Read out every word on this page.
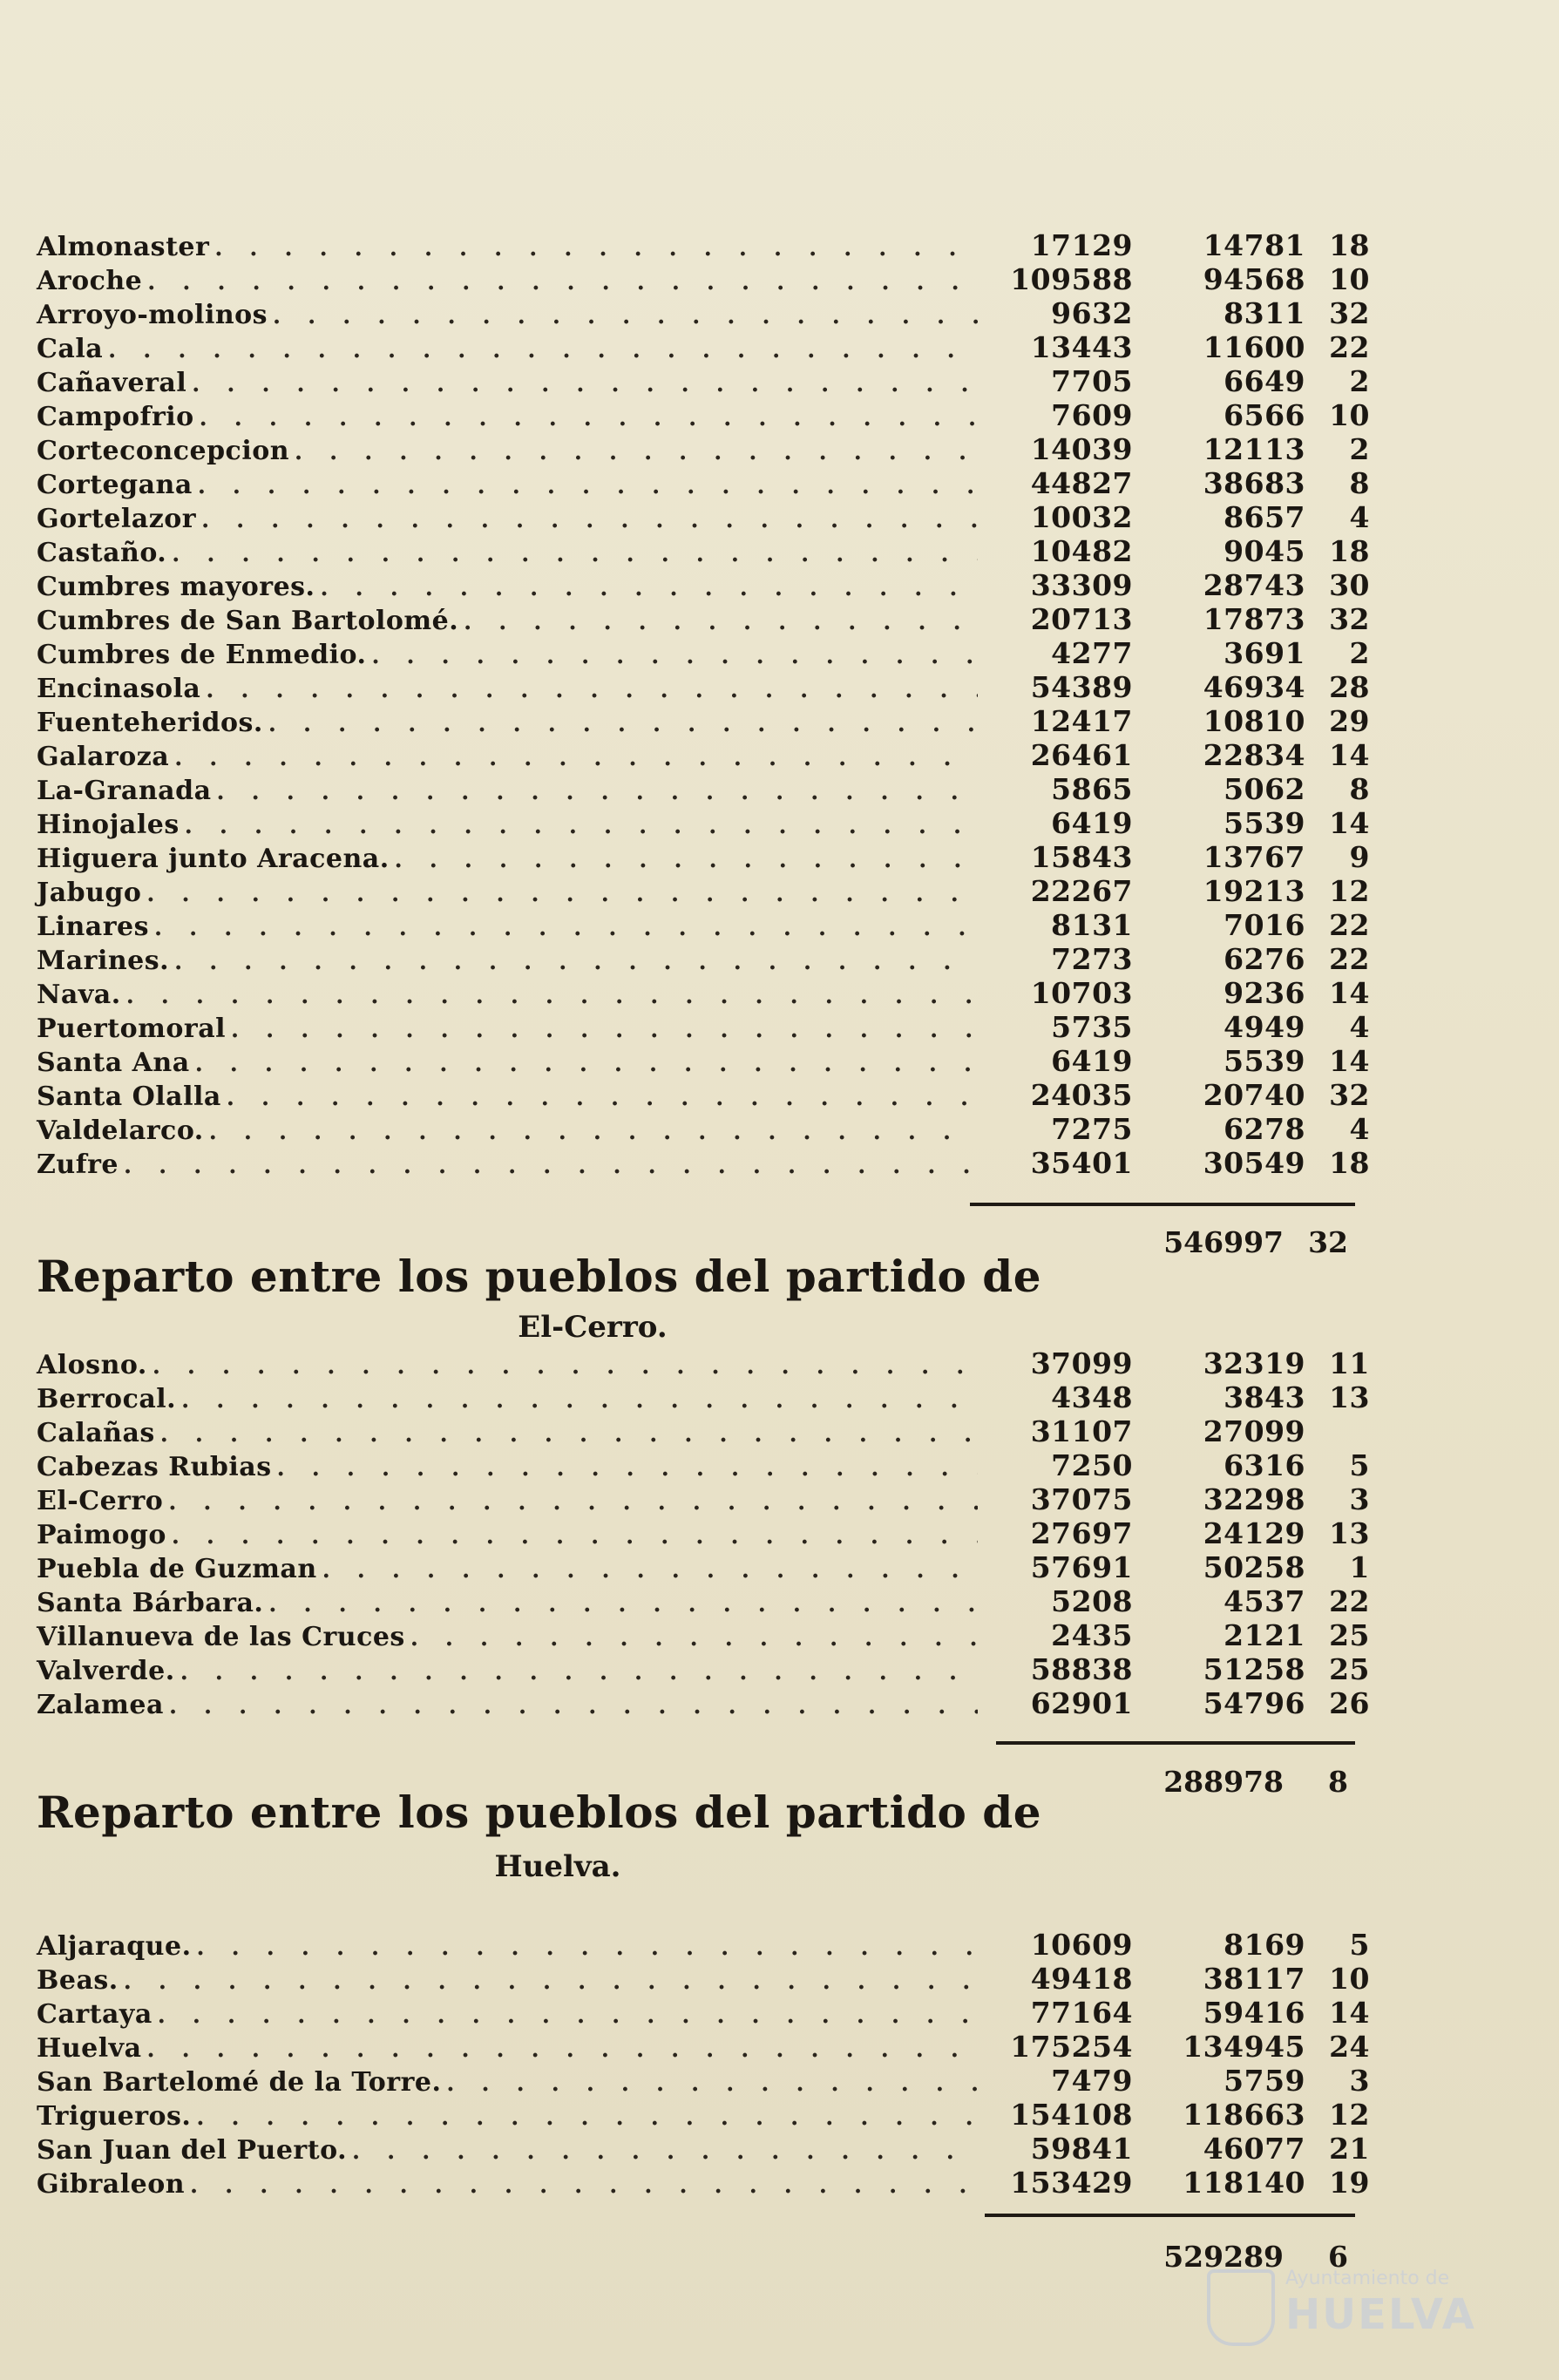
Almonaster . . .	17129	14781 18
Aroche . . .	109588	94568 10
Arroyo-molinos . . .	9632	8311 32
Cala . . .	13443	11600 22
Cañaveral . . .	7705	6649	2
Campofrio . . .	7609	6566 10
Corteconcepcion . . .	14039	12113	2
Cortegana . . .	44827	38683	8
Gortelazor . . .	10032	8657	4
Castaño. . . .	10482	9045 18
Cumbres mayores. . . .	33309	28743 30
Cumbres de San Bartolomé. . . .	20713	17873 32
Cumbres de Enmedio. . . .	4277	3691	2
Encinasola . . .	54389	46934 28
Fuenteheridos. . . .	12417	10810 29
Galaroza . . .	26461	22834 14
La-Granada . . .	5865	5062	8
Hinojales . . .	6419	5539 14
Higuera junto Aracena. . . .	15843	13767	9
Jabugo . . .	22267	19213 12
Linares . . .	8131	7016 22
Marines. . . .	7273	6276 22
Nava. . . .	10703	9236 14
Puertomoral . . .	5735	4949	4
Santa Ana . . .	6419	5539 14
Santa Olalla . . .	24035	20740 32
Valdelarco. . . .	7275	6278	4
Zufre . . .	35401	30549 18
546997 32
Reparto entre los pueblos del partido de
El-Cerro.
Alosno. . . .	37099	32319 11
Berrocal. . . .	4348	3843 13
Calañas . . .	31107	27099
Cabezas Rubias . . .	7250	6316	5
El-Cerro . . .	37075	32298	3
Paimogo . . .	27697	24129 13
Puebla de Guzman . . .	57691	50258	1
Santa Bárbara. . . .	5208	4537 22
Villanueva de las Cruces . . .	2435	2121 25
Valverde. . . .	58838	51258 25
Zalamea . . .	62901	54796 26
288978	8
Reparto entre los pueblos del partido de
Huelva.
Aljaraque. . . .	10609	8169	5
Beas. . . .	49418	38117 10
Cartaya . . .	77164	59416 14
Huelva . . .	175254	134945 24
San Bartelomé de la Torre. . . .	7479	5759	3
Trigueros. . . .	154108	118663 12
San Juan del Puerto. . . .	59841	46077 21
Gibraleon . . .	153429	118140 19
529289	6
Ayuntamiento de
HUELVA
